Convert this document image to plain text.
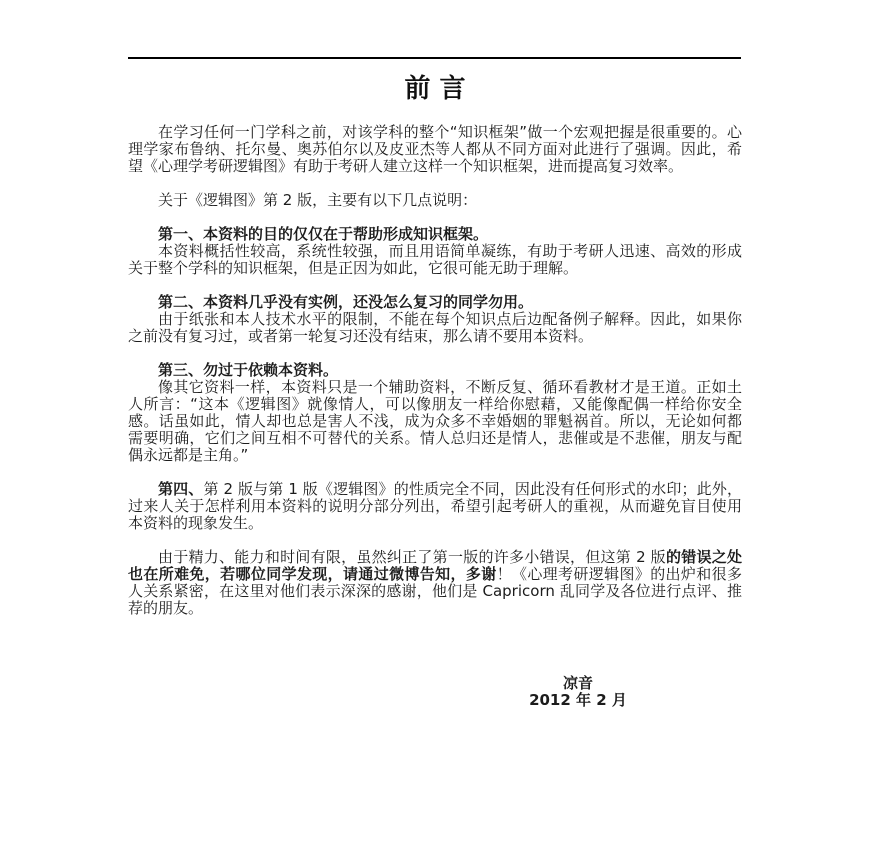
前言

在学习任何一门学科之前，对该学科的整个“知识框架”做一个宏观把握是很重要的。心理学家布鲁纳、托尔曼、奥苏伯尔以及皮亚杰等人都从不同方面对此进行了强调。因此，希望《心理学考研逻辑图》有助于考研人建立这样一个知识框架，进而提高复习效率。

关于《逻辑图》第 2 版，主要有以下几点说明：

第一、本资料的目的仅仅在于帮助形成知识框架。

本资料概括性较高，系统性较强，而且用语简单凝练，有助于考研人迅速、高效的形成关于整个学科的知识框架，但是正因为如此，它很可能无助于理解。

第二、本资料几乎没有实例，还没怎么复习的同学勿用。

由于纸张和本人技术水平的限制，不能在每个知识点后边配备例子解释。因此，如果你之前没有复习过，或者第一轮复习还没有结束，那么请不要用本资料。

第三、勿过于依赖本资料。

像其它资料一样，本资料只是一个辅助资料，不断反复、循环看教材才是王道。正如土人所言：“这本《逻辑图》就像情人，可以像朋友一样给你慰藉，又能像配偶一样给你安全感。话虽如此，情人却也总是害人不浅，成为众多不幸婚姻的罪魁祸首。所以，无论如何都需要明确，它们之间互相不可替代的关系。情人总归还是情人，悲催或是不悲催，朋友与配偶永远都是主角。”

第四、第 2 版与第 1 版《逻辑图》的性质完全不同，因此没有任何形式的水印；此外，过来人关于怎样利用本资料的说明分部分列出，希望引起考研人的重视，从而避免盲目使用本资料的现象发生。

由于精力、能力和时间有限，虽然纠正了第一版的许多小错误，但这第 2 版的错误之处也在所难免，若哪位同学发现，请通过微博告知，多谢！《心理考研逻辑图》的出炉和很多人关系紧密，在这里对他们表示深深的感谢，他们是 Capricorn 乱同学及各位进行点评、推荐的朋友。

凉音

2012 年 2 月
